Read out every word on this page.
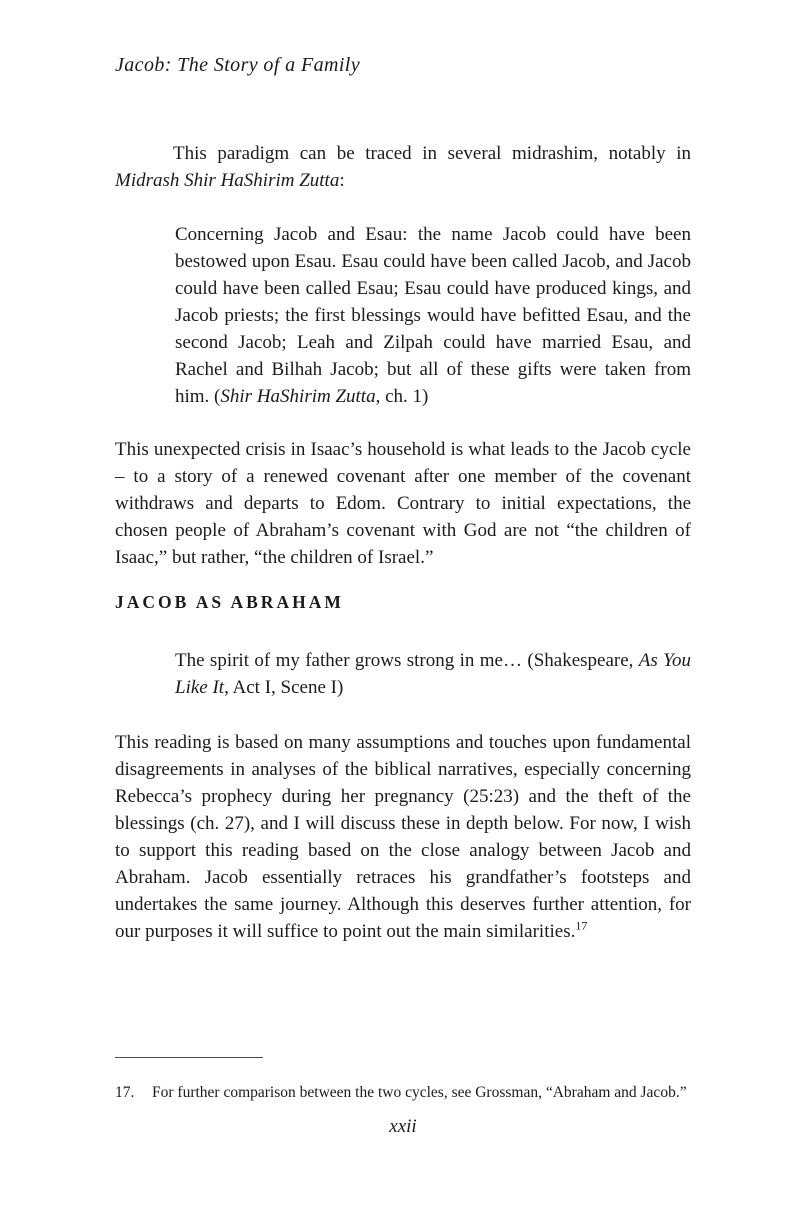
Jacob: The Story of a Family

This paradigm can be traced in several midrashim, notably in Midrash Shir HaShirim Zutta:

Concerning Jacob and Esau: the name Jacob could have been bestowed upon Esau. Esau could have been called Jacob, and Jacob could have been called Esau; Esau could have produced kings, and Jacob priests; the first blessings would have befitted Esau, and the second Jacob; Leah and Zilpah could have married Esau, and Rachel and Bilhah Jacob; but all of these gifts were taken from him. (Shir HaShirim Zutta, ch. 1)

This unexpected crisis in Isaac’s household is what leads to the Jacob cycle – to a story of a renewed covenant after one member of the covenant withdraws and departs to Edom. Contrary to initial expectations, the chosen people of Abraham’s covenant with God are not “the children of Isaac,” but rather, “the children of Israel.”

JACOB AS ABRAHAM

The spirit of my father grows strong in me… (Shakespeare, As You Like It, Act I, Scene I)

This reading is based on many assumptions and touches upon fundamental disagreements in analyses of the biblical narratives, especially concerning Rebecca’s prophecy during her pregnancy (25:23) and the theft of the blessings (ch. 27), and I will discuss these in depth below. For now, I wish to support this reading based on the close analogy between Jacob and Abraham. Jacob essentially retraces his grandfather’s footsteps and undertakes the same journey. Although this deserves further attention, for our purposes it will suffice to point out the main similarities.$^{17}$

17. For further comparison between the two cycles, see Grossman, “Abraham and Jacob.”

xxii
